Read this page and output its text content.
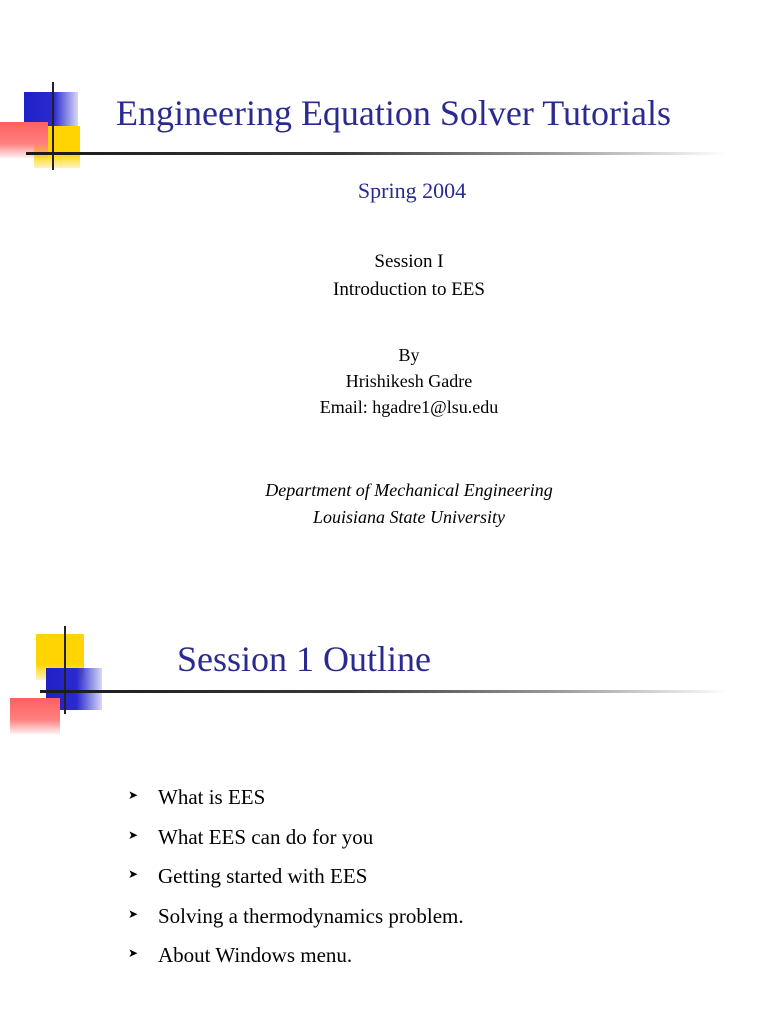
Engineering Equation Solver Tutorials
Spring 2004
Session I
Introduction to EES
By
Hrishikesh Gadre
Email: hgadre1@lsu.edu
Department of Mechanical Engineering
Louisiana State University
Session 1 Outline
➤ What is EES
➤ What EES can do for you
➤ Getting started with EES
➤ Solving a thermodynamics problem.
➤ About Windows menu.
